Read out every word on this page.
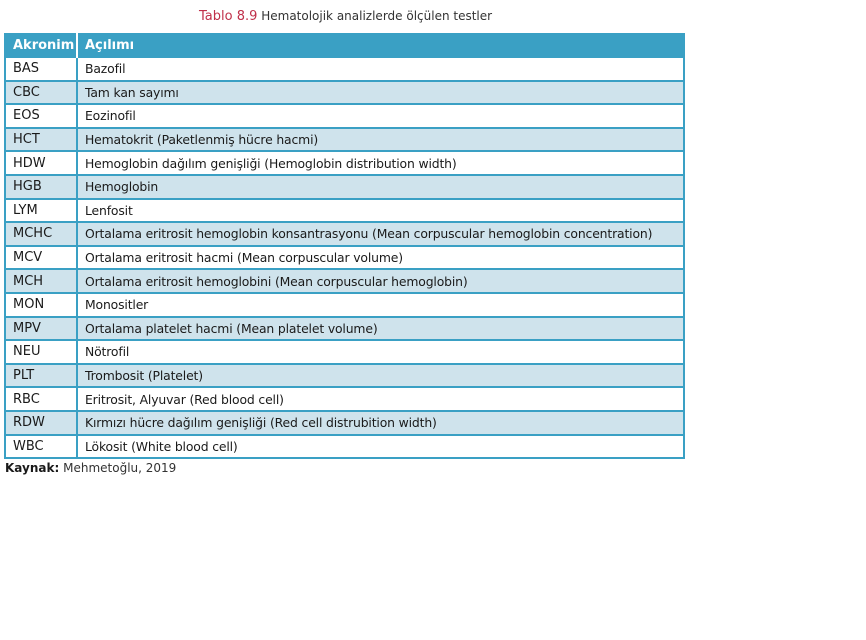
Tablo 8.9 Hematolojik analizlerde ölçülen testler
Akronim	Açılımı
BAS	Bazofil
CBC	Tam kan sayımı
EOS	Eozinofil
HCT	Hematokrit (Paketlenmiş hücre hacmi)
HDW	Hemoglobin dağılım genişliği (Hemoglobin distribution width)
HGB	Hemoglobin
LYM	Lenfosit
MCHC	Ortalama eritrosit hemoglobin konsantrasyonu (Mean corpuscular hemoglobin concentration)
MCV	Ortalama eritrosit hacmi (Mean corpuscular volume)
MCH	Ortalama eritrosit hemoglobini (Mean corpuscular hemoglobin)
MON	Monositler
MPV	Ortalama platelet hacmi (Mean platelet volume)
NEU	Nötrofil
PLT	Trombosit (Platelet)
RBC	Eritrosit, Alyuvar (Red blood cell)
RDW	Kırmızı hücre dağılım genişliği (Red cell distrubition width)
WBC	Lökosit (White blood cell)
Kaynak: Mehmetoğlu, 2019
